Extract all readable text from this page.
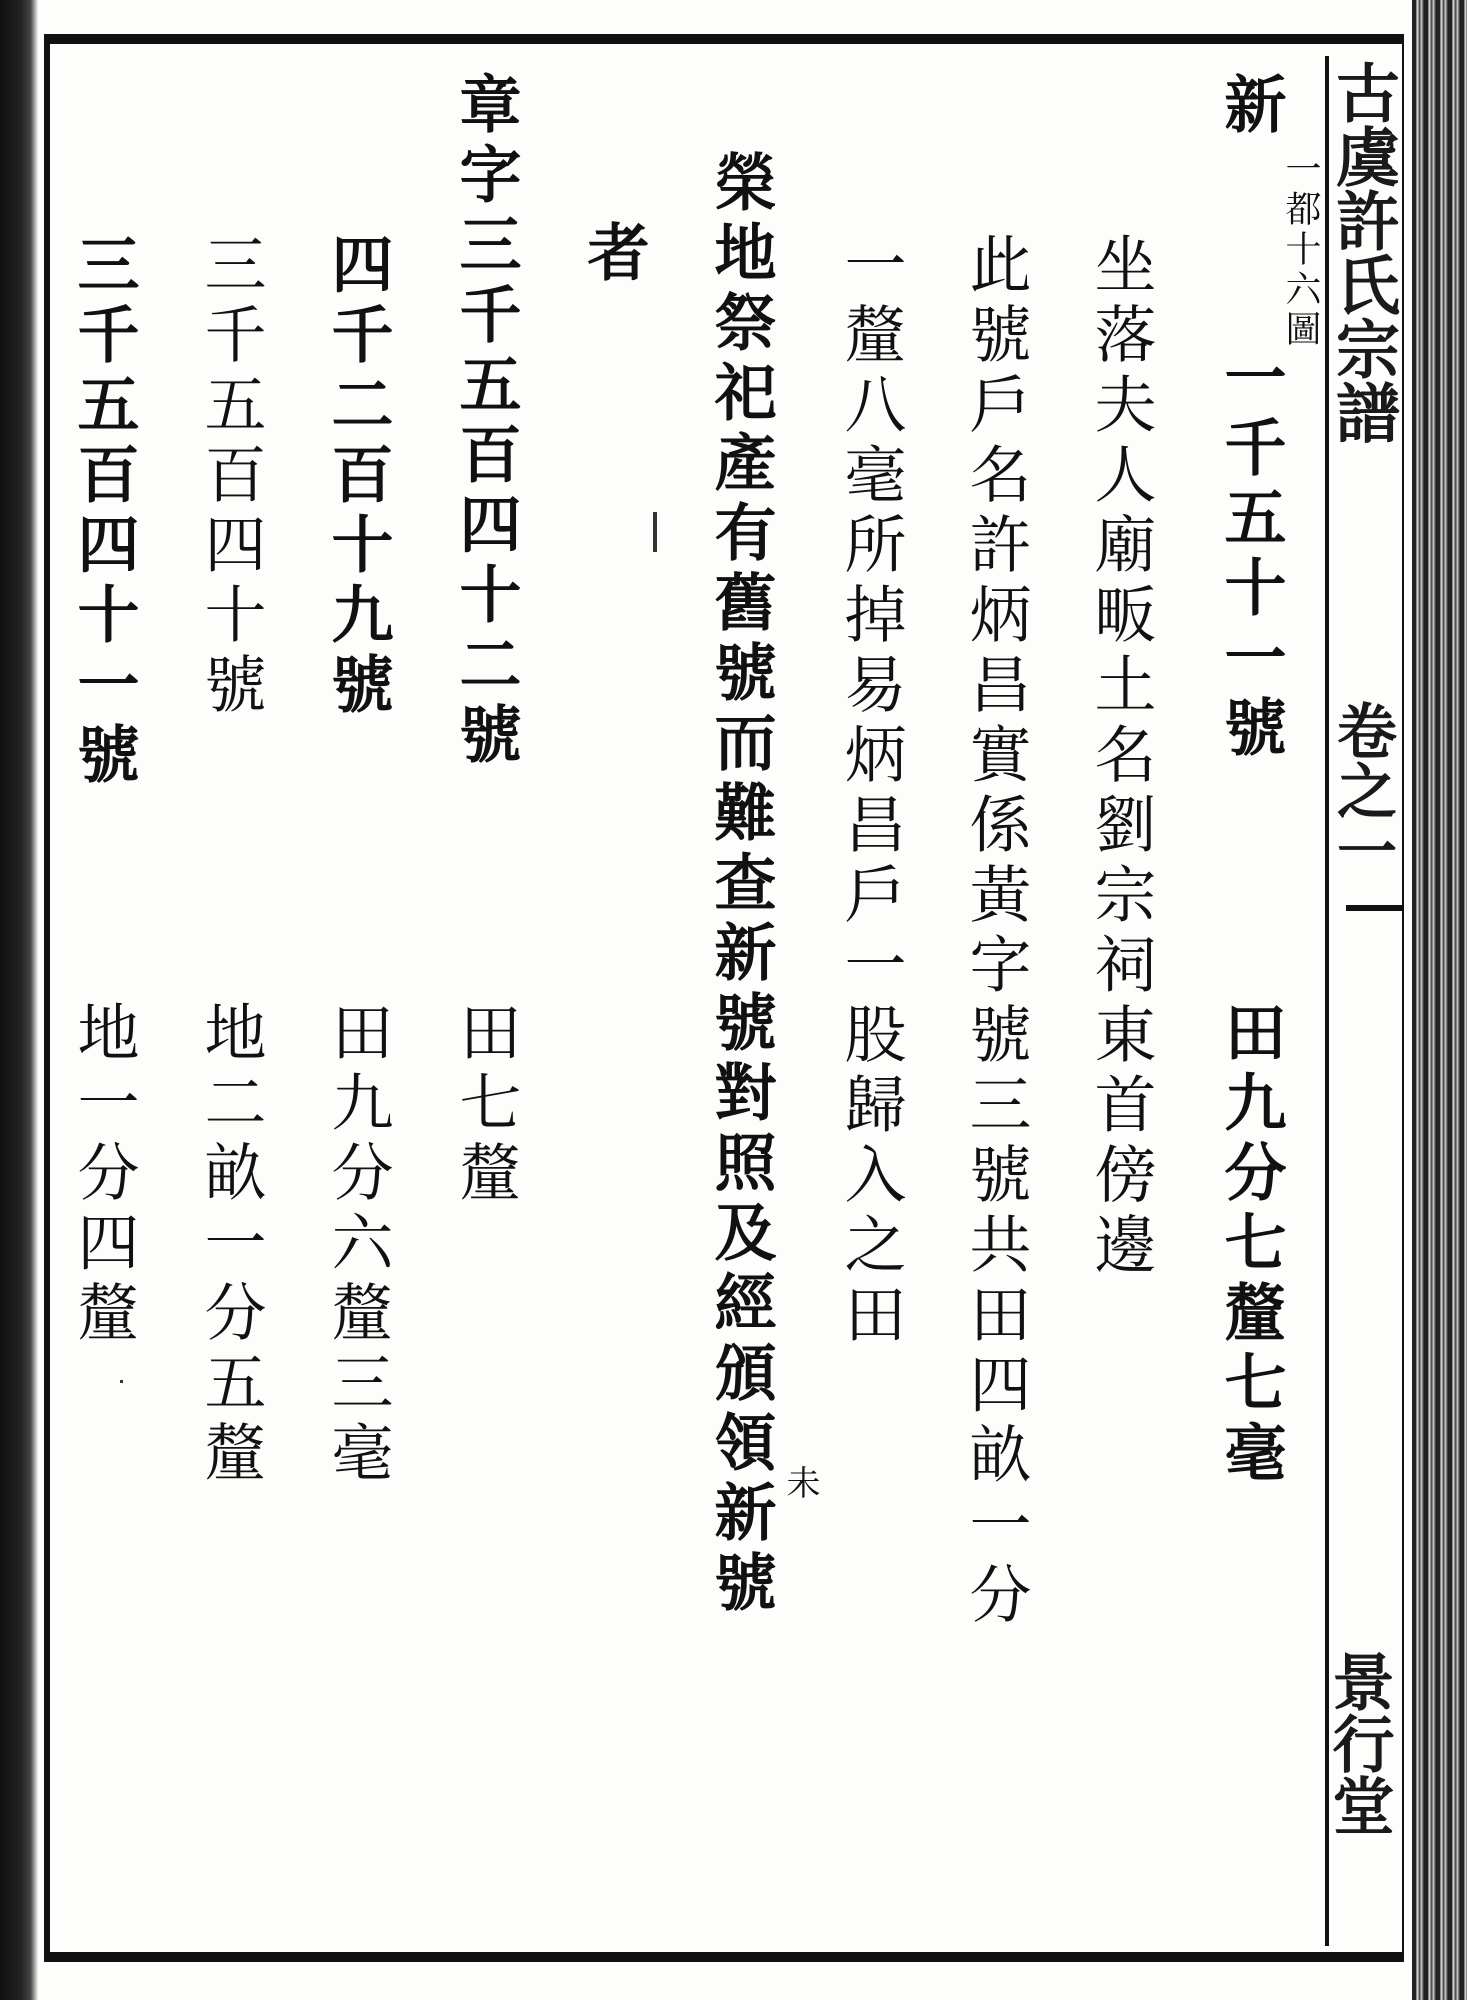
古虞許氏宗譜
卷之一
景行堂
新
一都十六圖
一千五十一號
田九分七釐七毫
坐落夫人廟畈土名劉宗祠東首傍邊
此號戶名許炳昌實係黃字號三號共田四畝一分
一釐八毫所掉易炳昌戶一股歸入之田
榮地祭祀產有舊號而難查新號對照及經頒領新號 未
者
章字三千五百四十二號
田七釐
四千二百十九號
田九分六釐三毫
三千五百四十號
地二畝一分五釐
三千五百四十一號
地一分四釐
